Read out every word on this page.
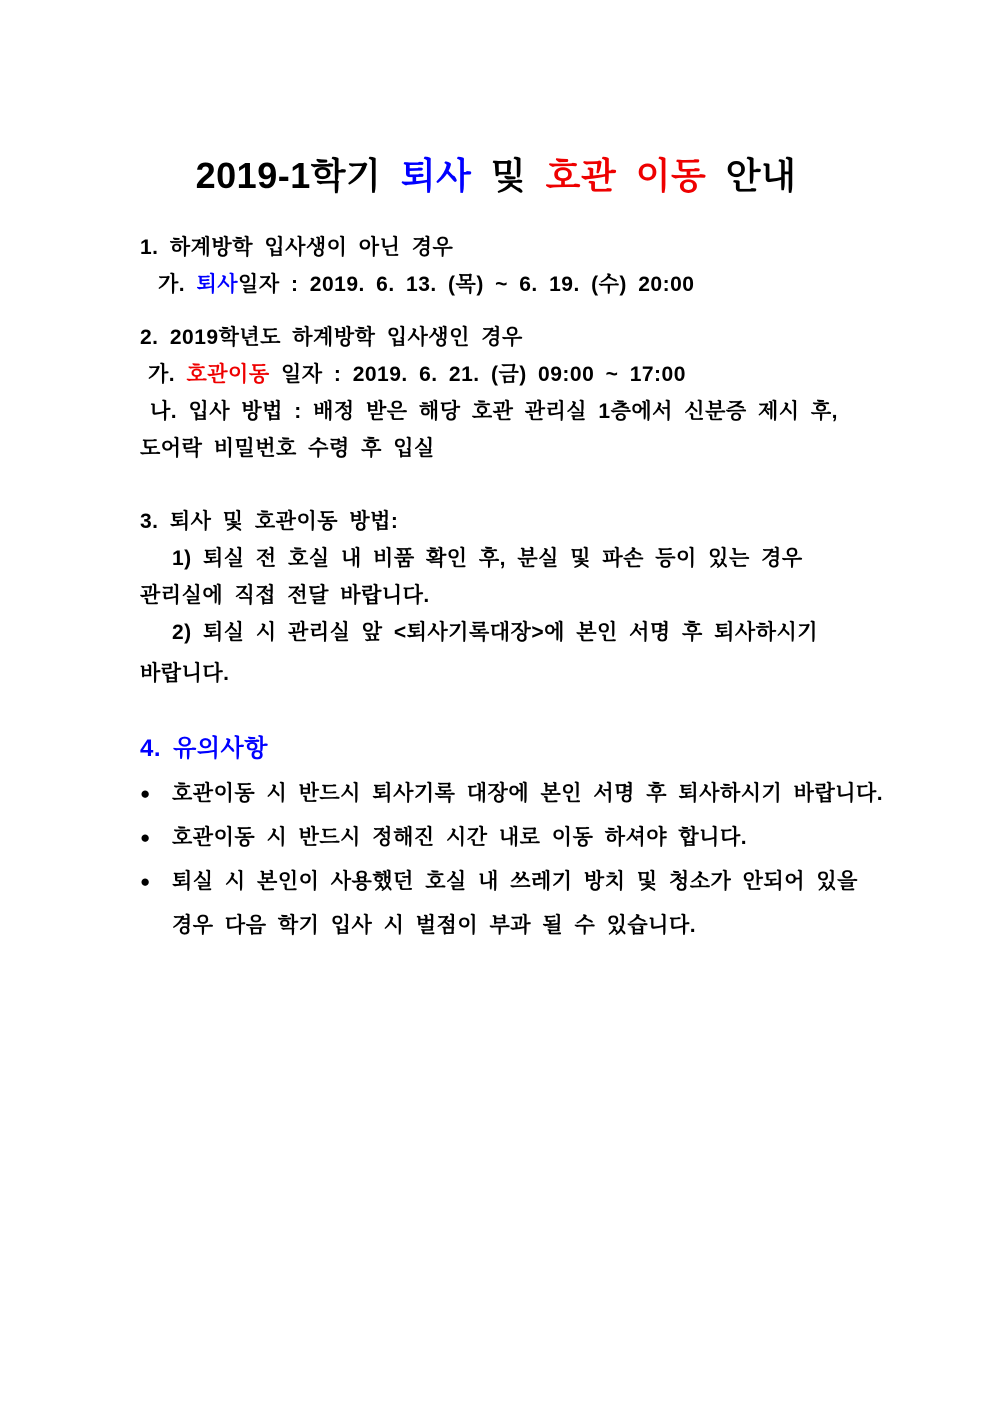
2019-1학기 퇴사 및 호관 이동 안내

1. 하계방학 입사생이 아닌 경우

가. 퇴사일자 : 2019. 6. 13. (목) ~ 6. 19. (수) 20:00

2. 2019학년도 하계방학 입사생인 경우

가. 호관이동 일자 : 2019. 6. 21. (금) 09:00 ~ 17:00

나. 입사 방법 : 배정 받은 해당 호관 관리실 1층에서 신분증 제시 후,

도어락 비밀번호 수령 후 입실

3. 퇴사 및 호관이동 방법:

1) 퇴실 전 호실 내 비품 확인 후, 분실 및 파손 등이 있는 경우

관리실에 직접 전달 바랍니다.

2) 퇴실 시 관리실 앞 <퇴사기록대장>에 본인 서명 후 퇴사하시기

바랍니다.

4. 유의사항

●	호관이동 시 반드시 퇴사기록 대장에 본인 서명 후 퇴사하시기 바랍니다.

●	호관이동 시 반드시 정해진 시간 내로 이동 하셔야 합니다.

●	퇴실 시 본인이 사용했던 호실 내 쓰레기 방치 및 청소가 안되어 있을

경우 다음 학기 입사 시 벌점이 부과 될 수 있습니다.
